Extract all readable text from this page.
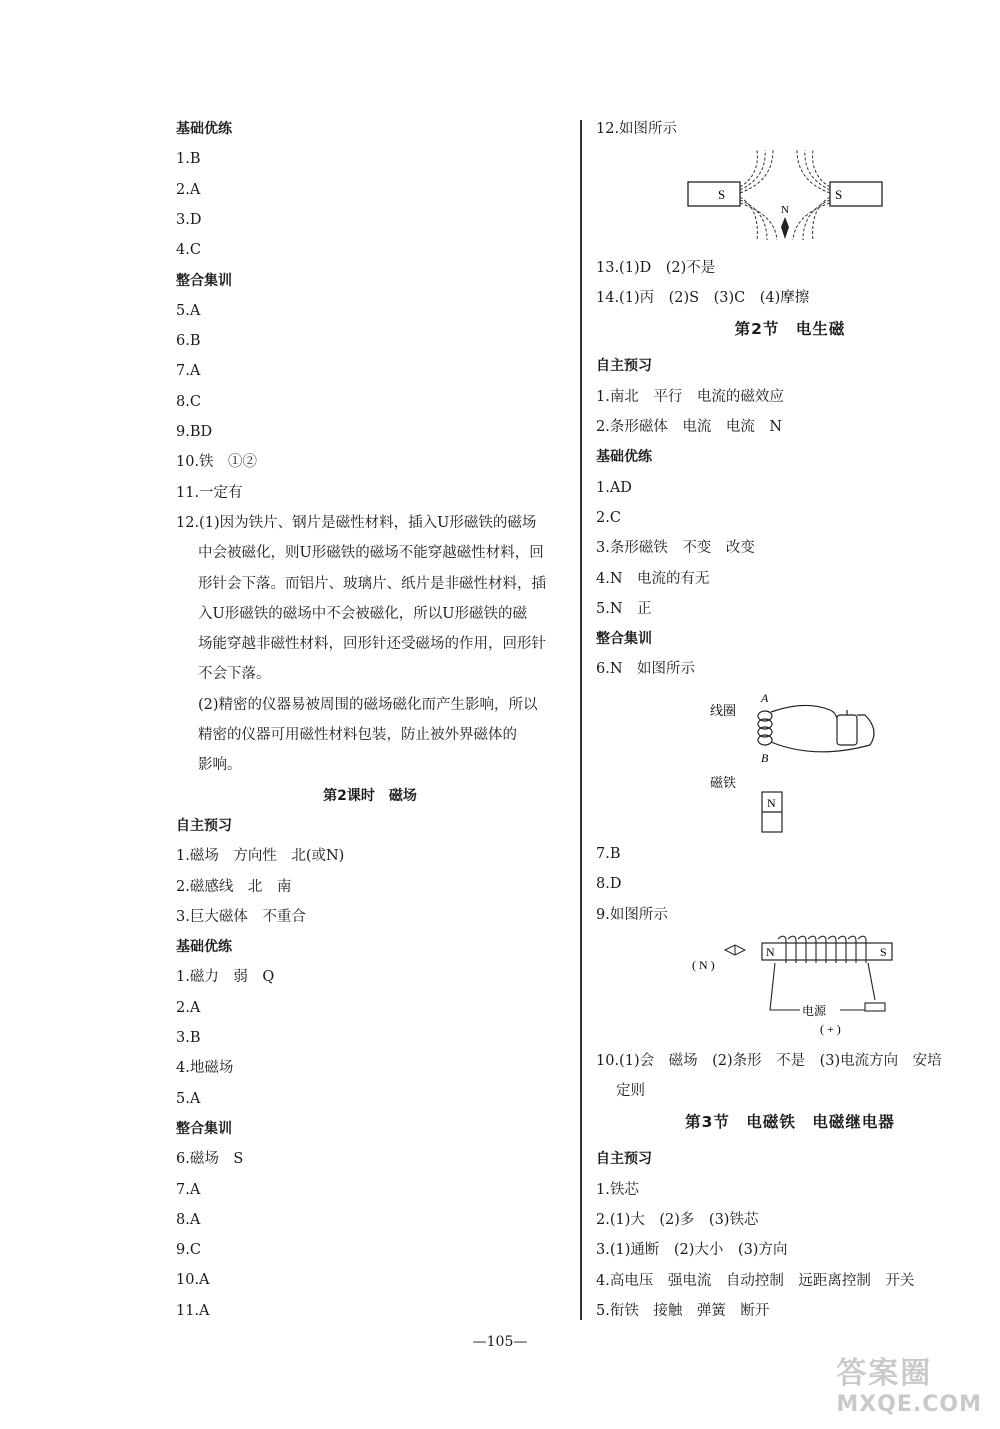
基础优练
1.B
2.A
3.D
4.C
整合集训
5.A
6.B
7.A
8.C
9.BD
10.铁　①②
11.一定有
12.(1)因为铁片、钢片是磁性材料，插入U形磁铁的磁场
中会被磁化，则U形磁铁的磁场不能穿越磁性材料，回
形针会下落。而铝片、玻璃片、纸片是非磁性材料，插
入U形磁铁的磁场中不会被磁化，所以U形磁铁的磁
场能穿越非磁性材料，回形针还受磁场的作用，回形针
不会下落。
(2)精密的仪器易被周围的磁场磁化而产生影响，所以
精密的仪器可用磁性材料包装，防止被外界磁体的
影响。
第2课时　磁场
自主预习
1.磁场　方向性　北(或N)
2.磁感线　北　南
3.巨大磁体　不重合
基础优练
1.磁力　弱　Q
2.A
3.B
4.地磁场
5.A
整合集训
6.磁场　S
7.A
8.A
9.C
10.A
11.A
12.如图所示
13.(1)D　(2)不是
14.(1)丙　(2)S　(3)C　(4)摩擦
第2节　电生磁
自主预习
1.南北　平行　电流的磁效应
2.条形磁体　电流　电流　N
基础优练
1.AD
2.C
3.条形磁铁　不变　改变
4.N　电流的有无
5.N　正
整合集训
6.N　如图所示
7.B
8.D
9.如图所示
10.(1)会　磁场　(2)条形　不是　(3)电流方向　安培
定则
第3节　电磁铁　电磁继电器
自主预习
1.铁芯
2.(1)大　(2)多　(3)铁芯
3.(1)通断　(2)大小　(3)方向
4.高电压　强电流　自动控制　远距离控制　开关
5.衔铁　接触　弹簧　断开
S	S
N
线圈
A
B
磁铁
N
( N )
N	S
电源
( + )
—105—
答案圈
MXQE.COM
